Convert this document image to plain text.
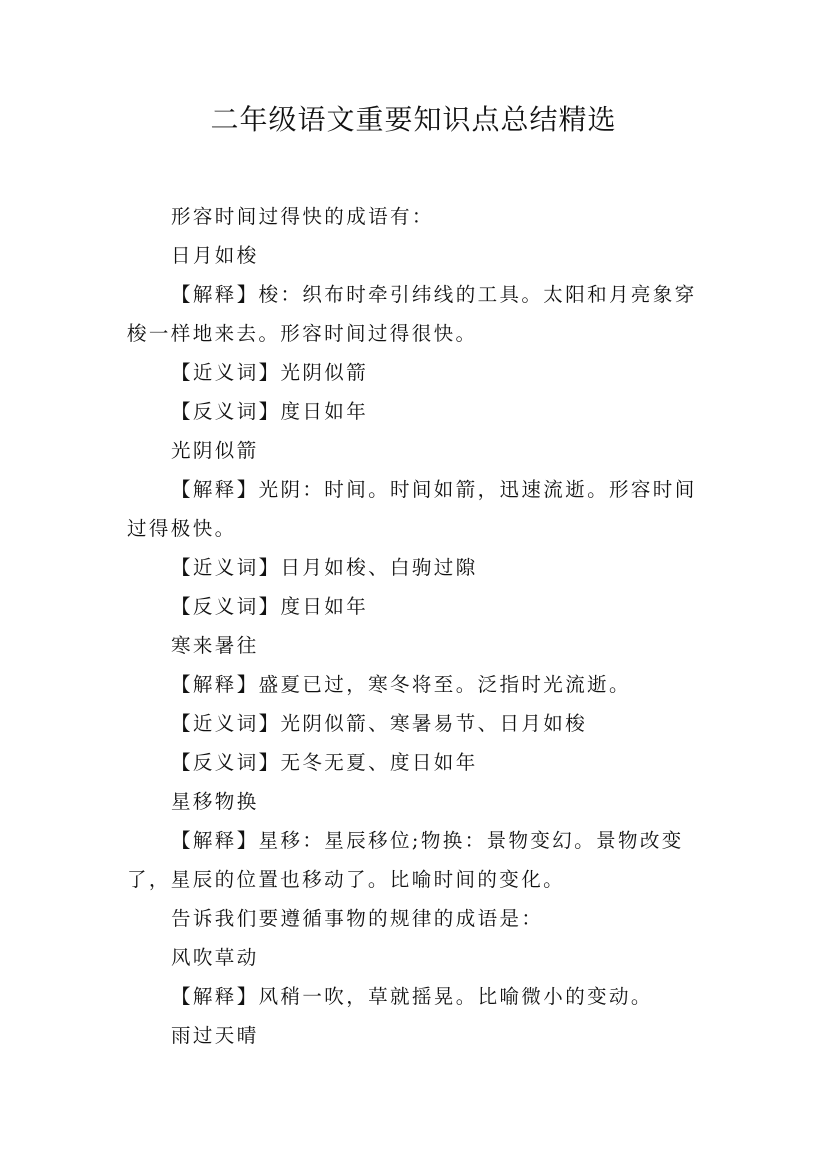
二年级语文重要知识点总结精选

形容时间过得快的成语有：

日月如梭

【解释】梭：织布时牵引纬线的工具。太阳和月亮象穿梭一样地来去。形容时间过得很快。

【近义词】光阴似箭

【反义词】度日如年

光阴似箭

【解释】光阴：时间。时间如箭，迅速流逝。形容时间过得极快。

【近义词】日月如梭、白驹过隙

【反义词】度日如年

寒来暑往

【解释】盛夏已过，寒冬将至。泛指时光流逝。

【近义词】光阴似箭、寒暑易节、日月如梭

【反义词】无冬无夏、度日如年

星移物换

【解释】星移：星辰移位;物换：景物变幻。景物改变了，星辰的位置也移动了。比喻时间的变化。

告诉我们要遵循事物的规律的成语是：

风吹草动

【解释】风稍一吹，草就摇晃。比喻微小的变动。

雨过天晴
